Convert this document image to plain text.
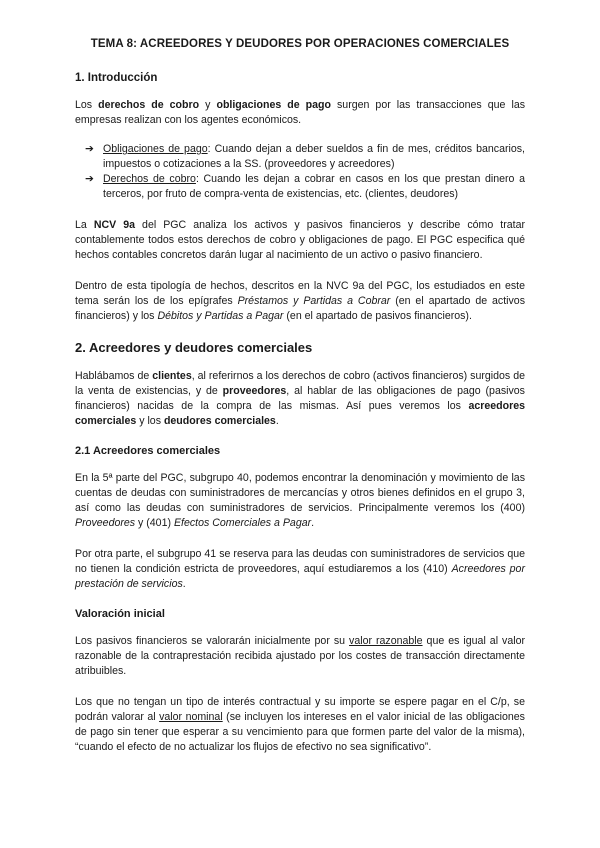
TEMA 8: ACREEDORES Y DEUDORES POR OPERACIONES COMERCIALES
1. Introducción

Los derechos de cobro y obligaciones de pago surgen por las transacciones que las empresas realizan con los agentes económicos.

➔ Obligaciones de pago: Cuando dejan a deber sueldos a fin de mes, créditos bancarios, impuestos o cotizaciones a la SS. (proveedores y acreedores)
➔ Derechos de cobro: Cuando les dejan a cobrar en casos en los que prestan dinero a terceros, por fruto de compra-venta de existencias, etc. (clientes, deudores)

La NCV 9a del PGC analiza los activos y pasivos financieros y describe cómo tratar contablemente todos estos derechos de cobro y obligaciones de pago. El PGC especifica qué hechos contables concretos darán lugar al nacimiento de un activo o pasivo financiero.

Dentro de esta tipología de hechos, descritos en la NVC 9a del PGC, los estudiados en este tema serán los de los epígrafes Préstamos y Partidas a Cobrar (en el apartado de activos financieros) y los Débitos y Partidas a Pagar (en el apartado de pasivos financieros).

2. Acreedores y deudores comerciales

Hablábamos de clientes, al referirnos a los derechos de cobro (activos financieros) surgidos de la venta de existencias, y de proveedores, al hablar de las obligaciones de pago (pasivos financieros) nacidas de la compra de las mismas. Así pues veremos los acreedores comerciales y los deudores comerciales.

2.1 Acreedores comerciales

En la 5ª parte del PGC, subgrupo 40, podemos encontrar la denominación y movimiento de las cuentas de deudas con suministradores de mercancías y otros bienes definidos en el grupo 3, así como las deudas con suministradores de servicios. Principalmente veremos los (400) Proveedores y (401) Efectos Comerciales a Pagar.

Por otra parte, el subgrupo 41 se reserva para las deudas con suministradores de servicios que no tienen la condición estricta de proveedores, aquí estudiaremos a los (410) Acreedores por prestación de servicios.

Valoración inicial

Los pasivos financieros se valorarán inicialmente por su valor razonable que es igual al valor razonable de la contraprestación recibida ajustado por los costes de transacción directamente atribuibles.

Los que no tengan un tipo de interés contractual y su importe se espere pagar en el C/p, se podrán valorar al valor nominal (se incluyen los intereses en el valor inicial de las obligaciones de pago sin tener que esperar a su vencimiento para que formen parte del valor de la misma), “cuando el efecto de no actualizar los flujos de efectivo no sea significativo”.
